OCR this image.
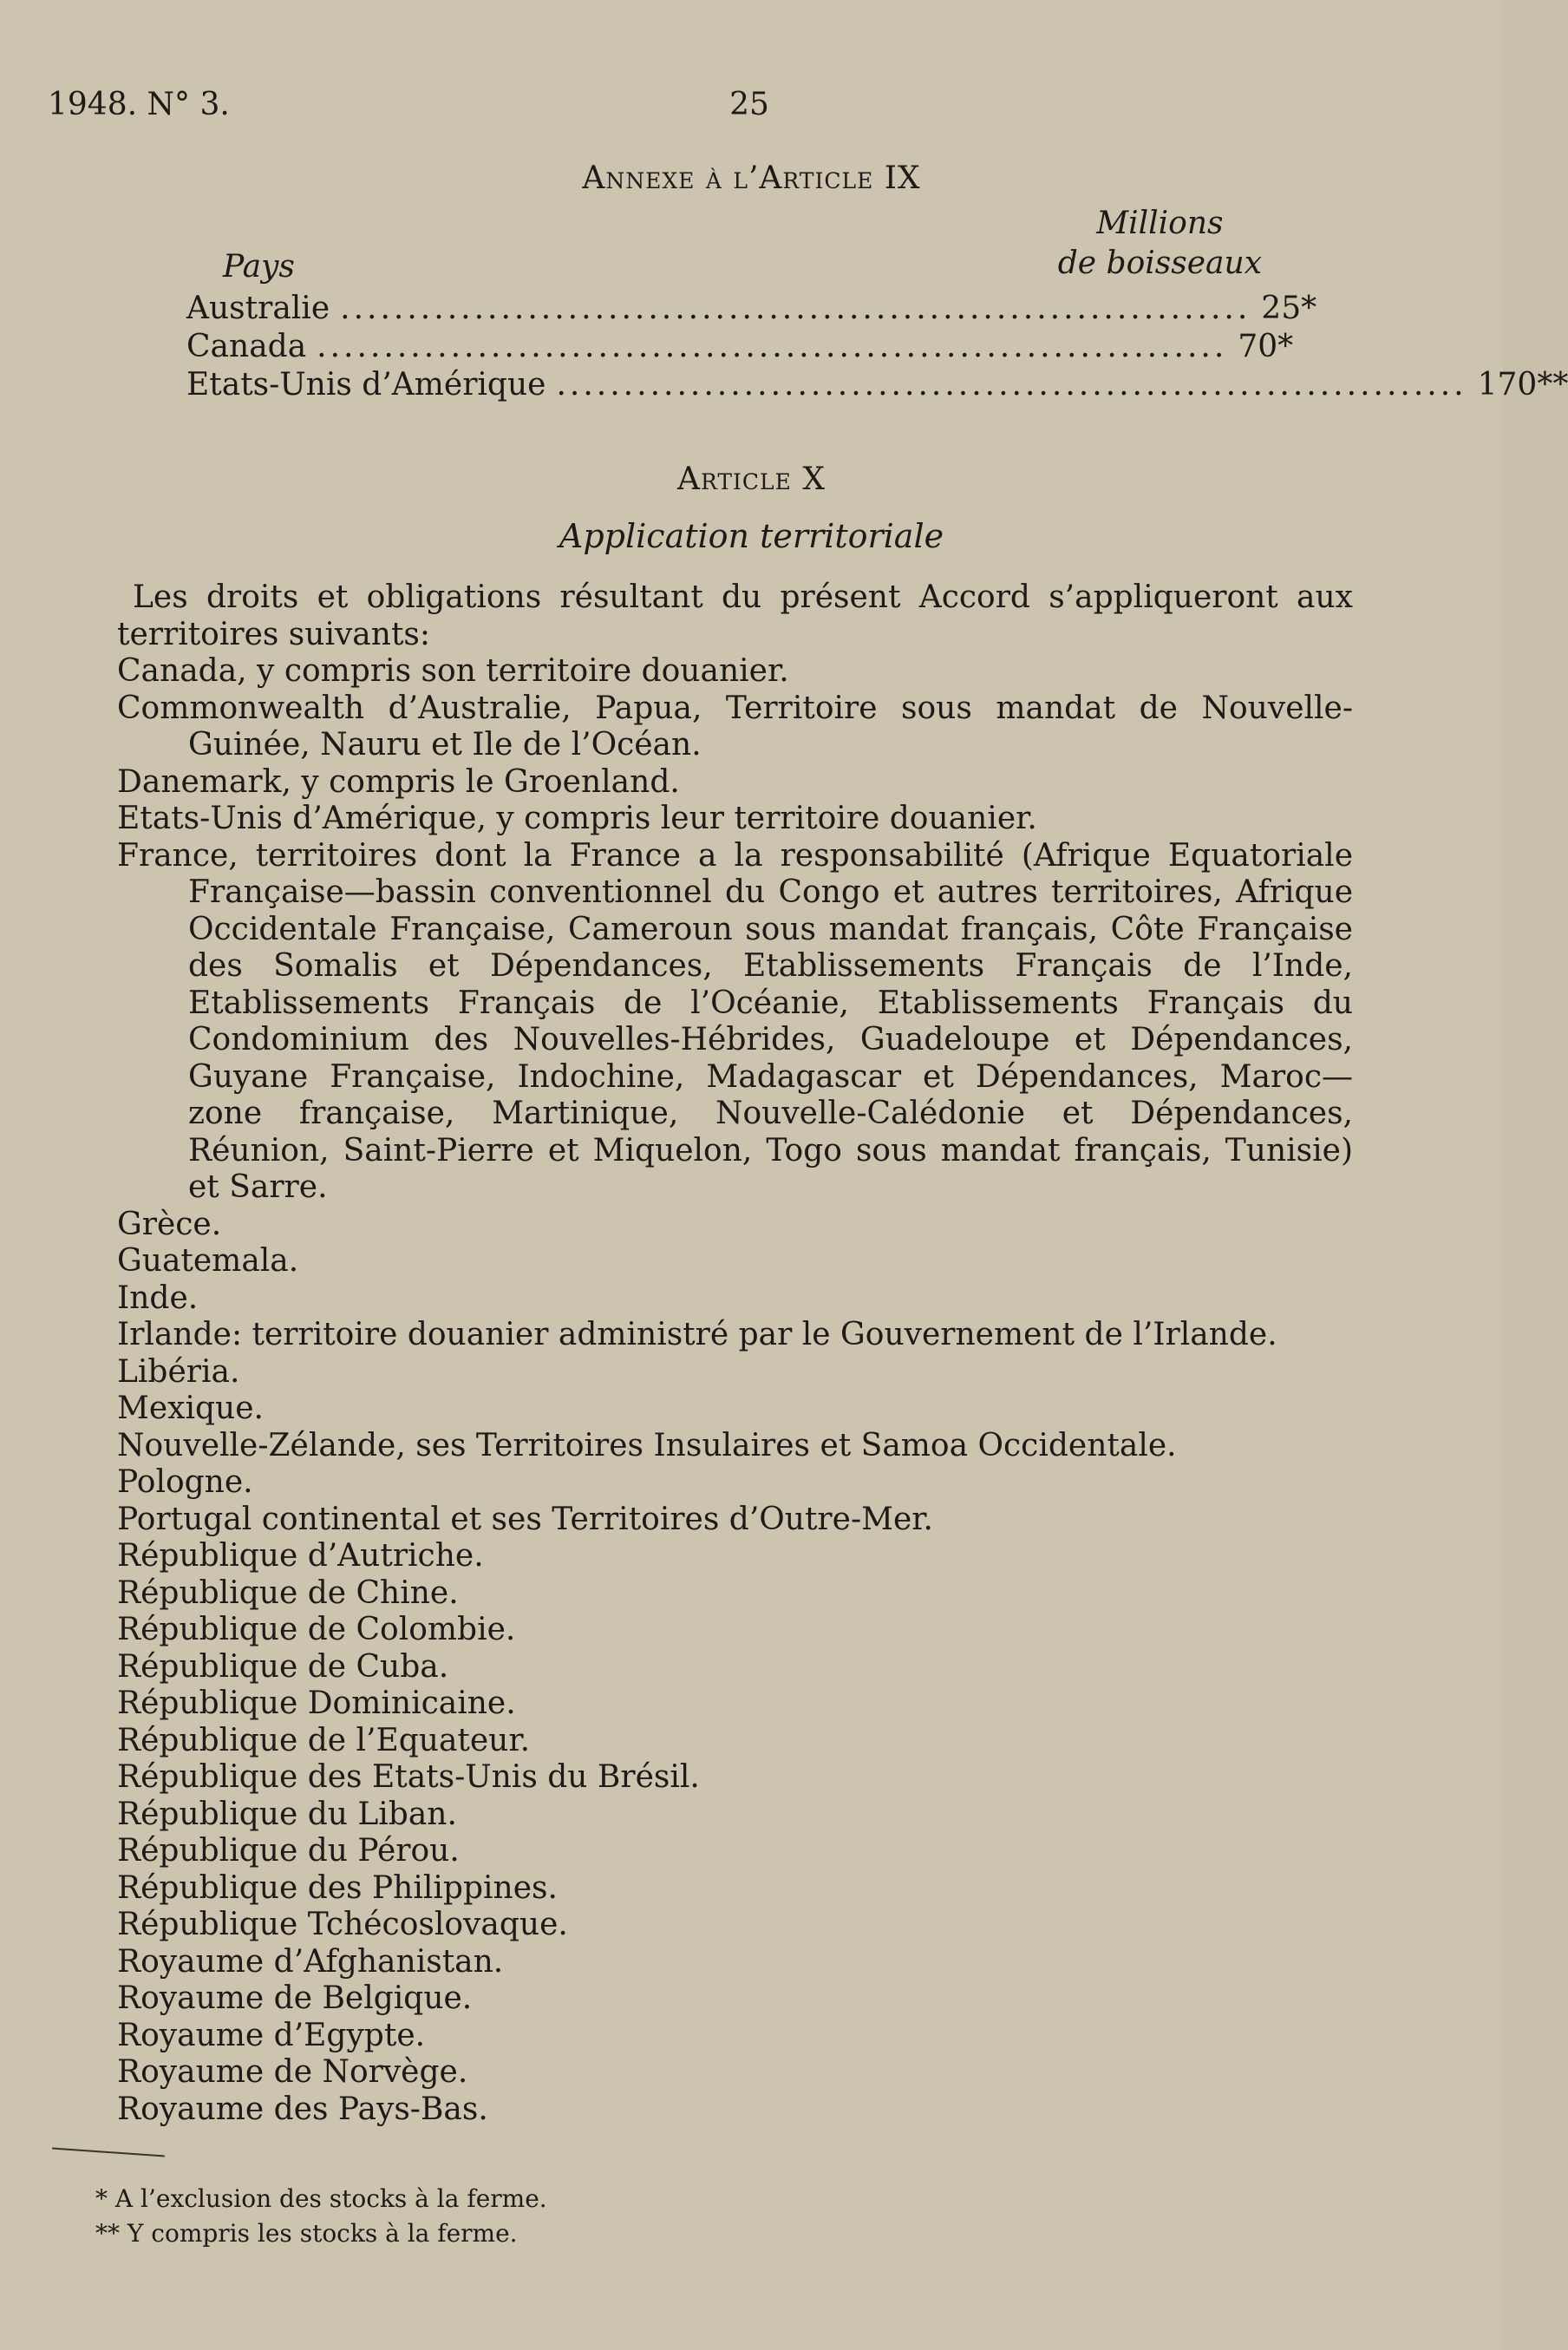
1948. N° 3.	25
Annexe à l’Article IX
Pays
Millions
de boisseaux
Australie .................................................................... 25*
Canada .................................................................... 70*
Etats-Unis d’Amérique .................................................................... 170**
Article X
Application territoriale

Les droits et obligations résultant du présent Accord s’appliqueront aux territoires suivants:

Canada, y compris son territoire douanier.
Commonwealth d’Australie, Papua, Territoire sous mandat de Nouvelle-Guinée, Nauru et Ile de l’Océan.
Danemark, y compris le Groenland.
Etats-Unis d’Amérique, y compris leur territoire douanier.
France, territoires dont la France a la responsabilité (Afrique Equatoriale Française—bassin conventionnel du Congo et autres territoires, Afrique Occidentale Française, Cameroun sous mandat français, Côte Française des Somalis et Dépendances, Etablissements Français de l’Inde, Etablissements Français de l’Océanie, Etablissements Français du Condominium des Nouvelles-Hébrides, Guadeloupe et Dépendances, Guyane Française, Indochine, Madagascar et Dépendances, Maroc—zone française, Martinique, Nouvelle-Calédonie et Dépendances, Réunion, Saint-Pierre et Miquelon, Togo sous mandat français, Tunisie) et Sarre.
Grèce.
Guatemala.
Inde.
Irlande: territoire douanier administré par le Gouvernement de l’Irlande.
Libéria.
Mexique.
Nouvelle-Zélande, ses Territoires Insulaires et Samoa Occidentale.
Pologne.
Portugal continental et ses Territoires d’Outre-Mer.
République d’Autriche.
République de Chine.
République de Colombie.
République de Cuba.
République Dominicaine.
République de l’Equateur.
République des Etats-Unis du Brésil.
République du Liban.
République du Pérou.
République des Philippines.
République Tchécoslovaque.
Royaume d’Afghanistan.
Royaume de Belgique.
Royaume d’Egypte.
Royaume de Norvège.
Royaume des Pays-Bas.
* A l’exclusion des stocks à la ferme.
** Y compris les stocks à la ferme.
